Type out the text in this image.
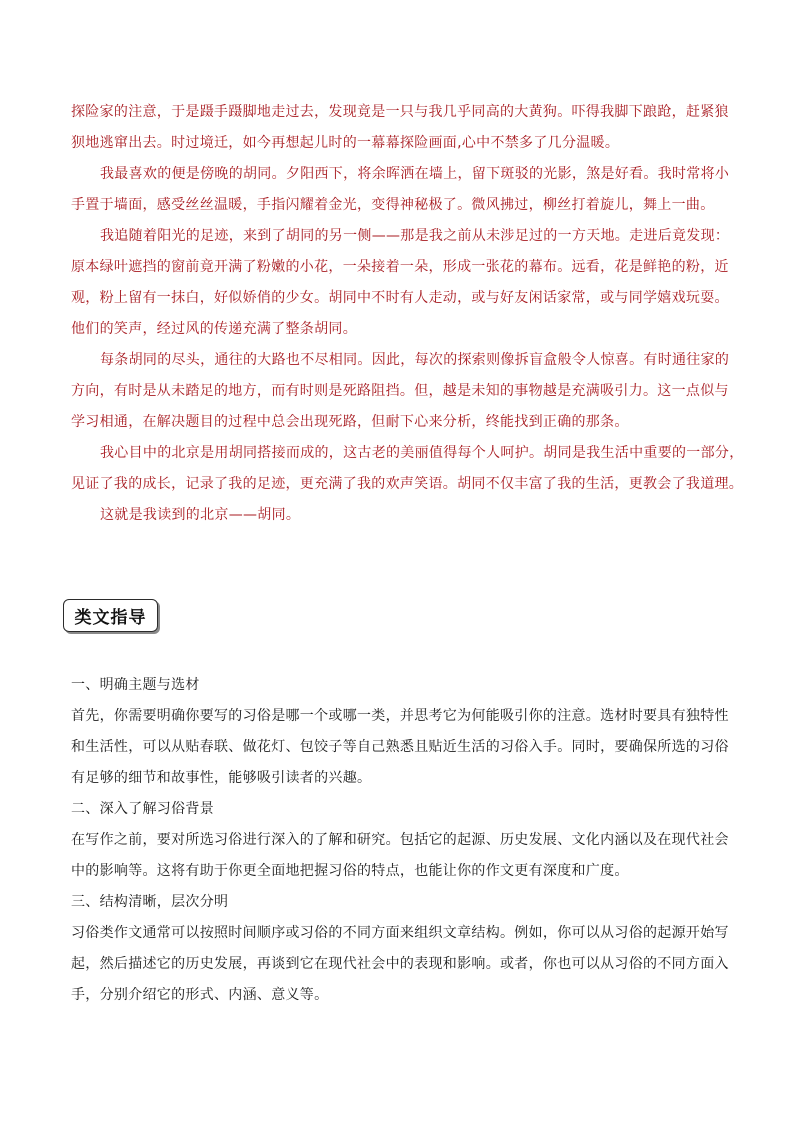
探险家的注意，于是蹑手蹑脚地走过去，发现竟是一只与我几乎同高的大黄狗。吓得我脚下踉跄，赶紧狼
狈地逃窜出去。时过境迁，如今再想起儿时的一幕幕探险画面,心中不禁多了几分温暖。
我最喜欢的便是傍晚的胡同。夕阳西下，将余晖洒在墙上，留下斑驳的光影，煞是好看。我时常将小
手置于墙面，感受丝丝温暖，手指闪耀着金光，变得神秘极了。微风拂过，柳丝打着旋儿，舞上一曲。
我追随着阳光的足迹，来到了胡同的另一侧——那是我之前从未涉足过的一方天地。走进后竟发现：
原本绿叶遮挡的窗前竟开满了粉嫩的小花，一朵接着一朵，形成一张花的幕布。远看，花是鲜艳的粉，近
观，粉上留有一抹白，好似娇俏的少女。胡同中不时有人走动，或与好友闲话家常，或与同学嬉戏玩耍。
他们的笑声，经过风的传递充满了整条胡同。
每条胡同的尽头，通往的大路也不尽相同。因此，每次的探索则像拆盲盒般令人惊喜。有时通往家的
方向，有时是从未踏足的地方，而有时则是死路阻挡。但，越是未知的事物越是充满吸引力。这一点似与
学习相通，在解决题目的过程中总会出现死路，但耐下心来分析，终能找到正确的那条。
我心目中的北京是用胡同搭接而成的，这古老的美丽值得每个人呵护。胡同是我生活中重要的一部分，
见证了我的成长，记录了我的足迹，更充满了我的欢声笑语。胡同不仅丰富了我的生活，更教会了我道理。
这就是我读到的北京——胡同。
类文指导
一、明确主题与选材
首先，你需要明确你要写的习俗是哪一个或哪一类，并思考它为何能吸引你的注意。选材时要具有独特性
和生活性，可以从贴春联、做花灯、包饺子等自己熟悉且贴近生活的习俗入手。同时，要确保所选的习俗
有足够的细节和故事性，能够吸引读者的兴趣。
二、深入了解习俗背景
在写作之前，要对所选习俗进行深入的了解和研究。包括它的起源、历史发展、文化内涵以及在现代社会
中的影响等。这将有助于你更全面地把握习俗的特点，也能让你的作文更有深度和广度。
三、结构清晰，层次分明
习俗类作文通常可以按照时间顺序或习俗的不同方面来组织文章结构。例如，你可以从习俗的起源开始写
起，然后描述它的历史发展，再谈到它在现代社会中的表现和影响。或者，你也可以从习俗的不同方面入
手，分别介绍它的形式、内涵、意义等。
